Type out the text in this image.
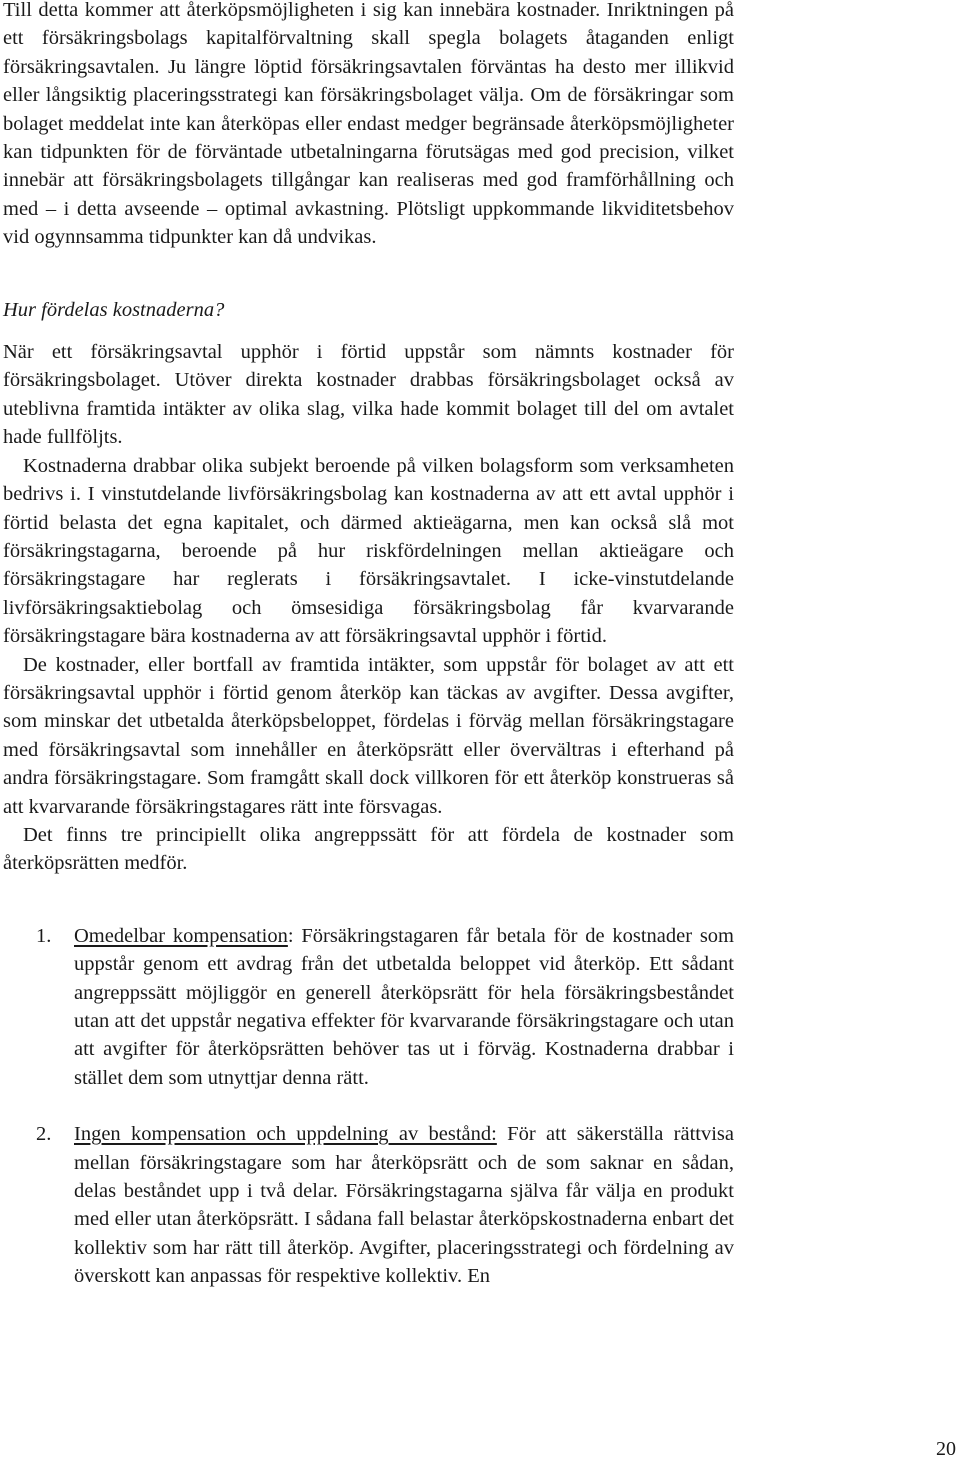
Till detta kommer att återköpsmöjligheten i sig kan innebära kostnader. Inriktningen på ett försäkringsbolags kapitalförvaltning skall spegla bolagets åtaganden enligt försäkringsavtalen. Ju längre löptid försäkringsavtalen förväntas ha desto mer illikvid eller långsiktig placeringsstrategi kan försäkringsbolaget välja. Om de försäkringar som bolaget meddelat inte kan återköpas eller endast medger begränsade återköpsmöjligheter kan tidpunkten för de förväntade utbetalningarna förutsägas med god precision, vilket innebär att försäkringsbolagets tillgångar kan realiseras med god framförhållning och med – i detta avseende – optimal avkastning. Plötsligt uppkommande likviditetsbehov vid ogynnsamma tidpunkter kan då undvikas.

Hur fördelas kostnaderna?

När ett försäkringsavtal upphör i förtid uppstår som nämnts kostnader för försäkringsbolaget. Utöver direkta kostnader drabbas försäkringsbolaget också av uteblivna framtida intäkter av olika slag, vilka hade kommit bolaget till del om avtalet hade fullföljts.

Kostnaderna drabbar olika subjekt beroende på vilken bolagsform som verksamheten bedrivs i. I vinstutdelande livförsäkringsbolag kan kostnaderna av att ett avtal upphör i förtid belasta det egna kapitalet, och därmed aktieägarna, men kan också slå mot försäkringstagarna, beroende på hur riskfördelningen mellan aktieägare och försäkringstagare har reglerats i försäkringsavtalet. I icke-vinstutdelande livförsäkringsaktiebolag och ömsesidiga försäkringsbolag får kvarvarande försäkringstagare bära kostnaderna av att försäkringsavtal upphör i förtid.

De kostnader, eller bortfall av framtida intäkter, som uppstår för bolaget av att ett försäkringsavtal upphör i förtid genom återköp kan täckas av avgifter. Dessa avgifter, som minskar det utbetalda återköpsbeloppet, fördelas i förväg mellan försäkringstagare med försäkringsavtal som innehåller en återköpsrätt eller övervältras i efterhand på andra försäkringstagare. Som framgått skall dock villkoren för ett återköp konstrueras så att kvarvarande försäkringstagares rätt inte försvagas.

Det finns tre principiellt olika angreppssätt för att fördela de kostnader som återköpsrätten medför.

1. Omedelbar kompensation: Försäkringstagaren får betala för de kostnader som uppstår genom ett avdrag från det utbetalda beloppet vid återköp. Ett sådant angreppssätt möjliggör en generell återköpsrätt för hela försäkringsbeståndet utan att det uppstår negativa effekter för kvarvarande försäkringstagare och utan att avgifter för återköpsrätten behöver tas ut i förväg. Kostnaderna drabbar i stället dem som utnyttjar denna rätt.

2. Ingen kompensation och uppdelning av bestånd: För att säkerställa rättvisa mellan försäkringstagare som har återköpsrätt och de som saknar en sådan, delas beståndet upp i två delar. Försäkringstagarna själva får välja en produkt med eller utan återköpsrätt. I sådana fall belastar återköpskostnaderna enbart det kollektiv som har rätt till återköp. Avgifter, placeringsstrategi och fördelning av överskott kan anpassas för respektive kollektiv. En

20
